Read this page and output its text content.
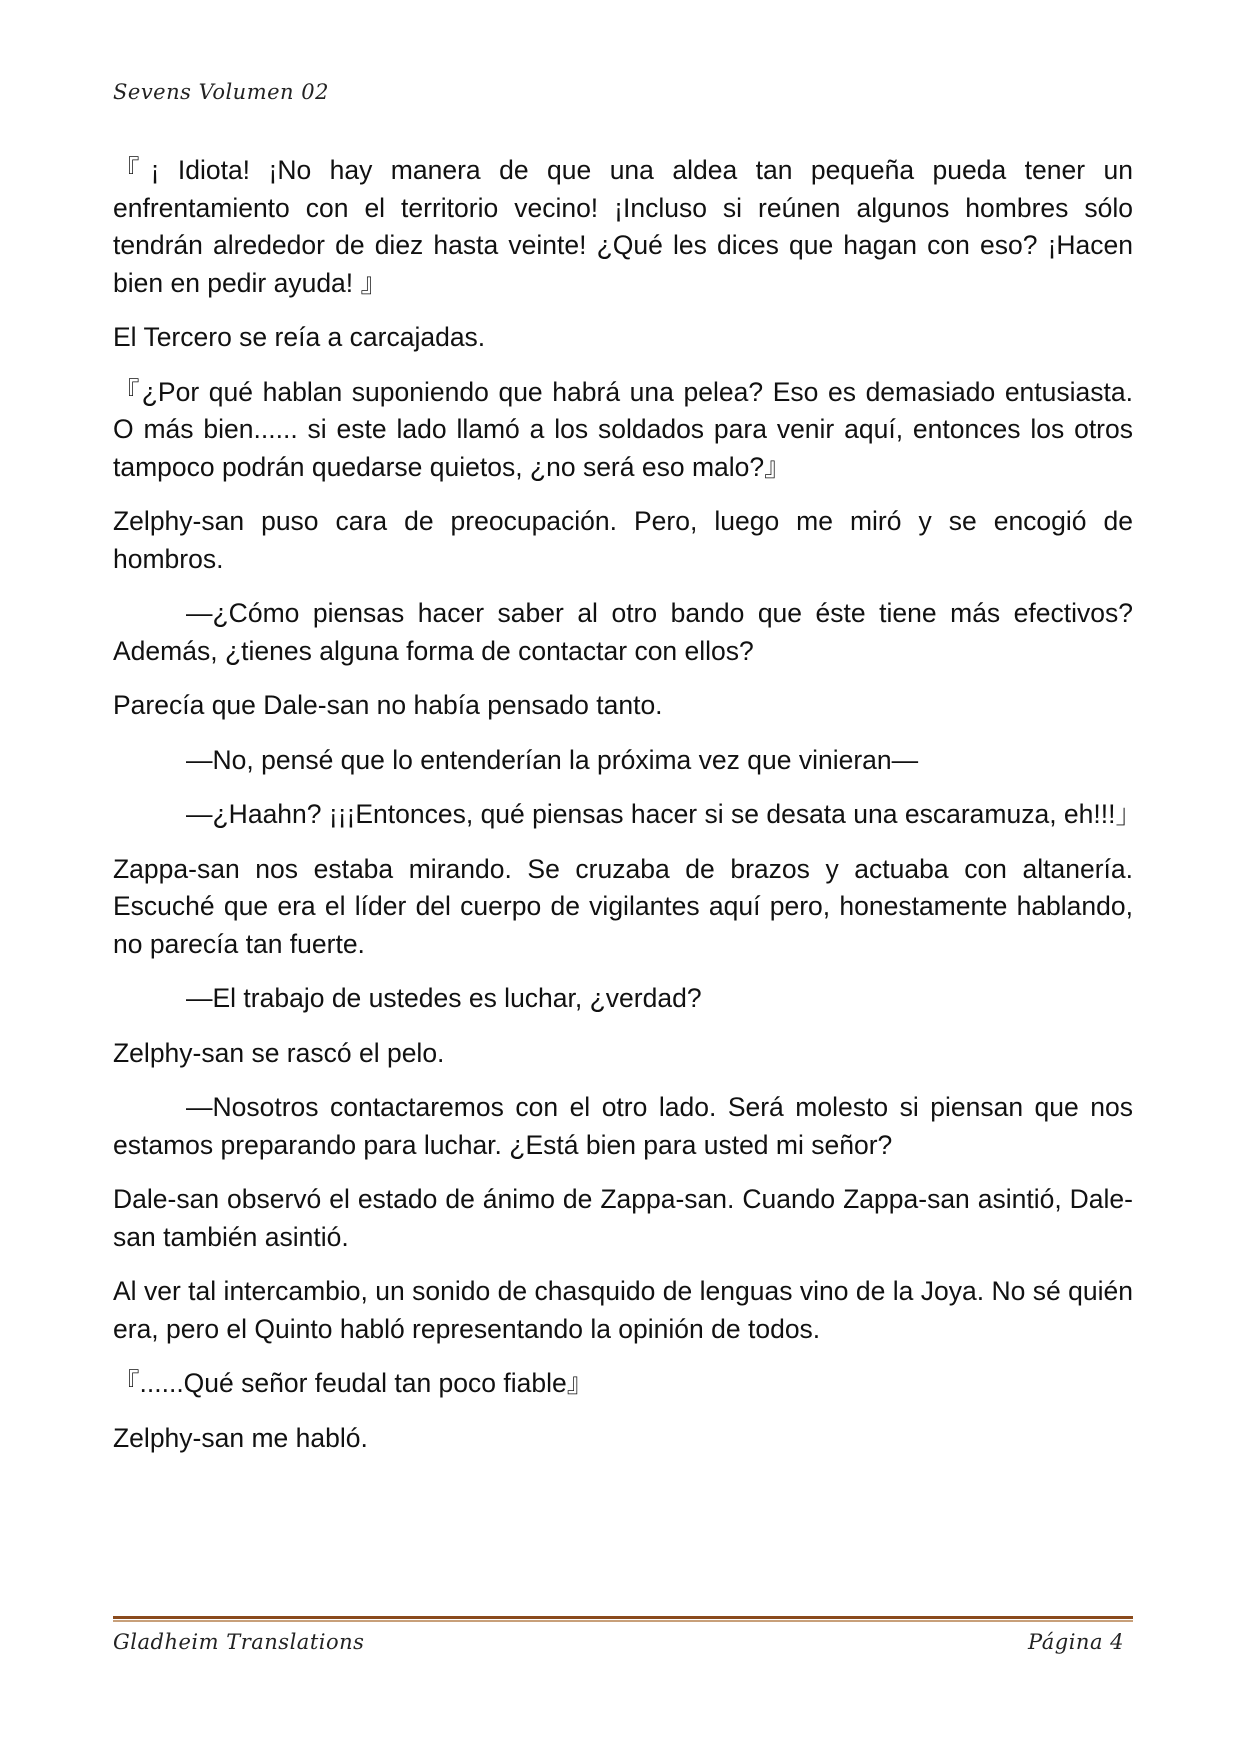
Sevens Volumen 02

『¡ Idiota! ¡No hay manera de que una aldea tan pequeña pueda tener un enfrentamiento con el territorio vecino! ¡Incluso si reúnen algunos hombres sólo tendrán alrededor de diez hasta veinte! ¿Qué les dices que hagan con eso? ¡Hacen bien en pedir ayuda! 』

El Tercero se reía a carcajadas.

『¿Por qué hablan suponiendo que habrá una pelea? Eso es demasiado entusiasta. O más bien...... si este lado llamó a los soldados para venir aquí, entonces los otros tampoco podrán quedarse quietos, ¿no será eso malo?』

Zelphy-san puso cara de preocupación. Pero, luego me miró y se encogió de hombros.

—¿Cómo piensas hacer saber al otro bando que éste tiene más efectivos? Además, ¿tienes alguna forma de contactar con ellos?

Parecía que Dale-san no había pensado tanto.

—No, pensé que lo entenderían la próxima vez que vinieran—

—¿Haahn? ¡¡¡Entonces, qué piensas hacer si se desata una escaramuza, eh!!!」

Zappa-san nos estaba mirando. Se cruzaba de brazos y actuaba con altanería. Escuché que era el líder del cuerpo de vigilantes aquí pero, honestamente hablando, no parecía tan fuerte.

—El trabajo de ustedes es luchar, ¿verdad?

Zelphy-san se rascó el pelo.

—Nosotros contactaremos con el otro lado. Será molesto si piensan que nos estamos preparando para luchar. ¿Está bien para usted mi señor?

Dale-san observó el estado de ánimo de Zappa-san. Cuando Zappa-san asintió, Dale-san también asintió.

Al ver tal intercambio, un sonido de chasquido de lenguas vino de la Joya. No sé quién era, pero el Quinto habló representando la opinión de todos.

『......Qué señor feudal tan poco fiable』

Zelphy-san me habló.

Gladheim Translations	Página 4
